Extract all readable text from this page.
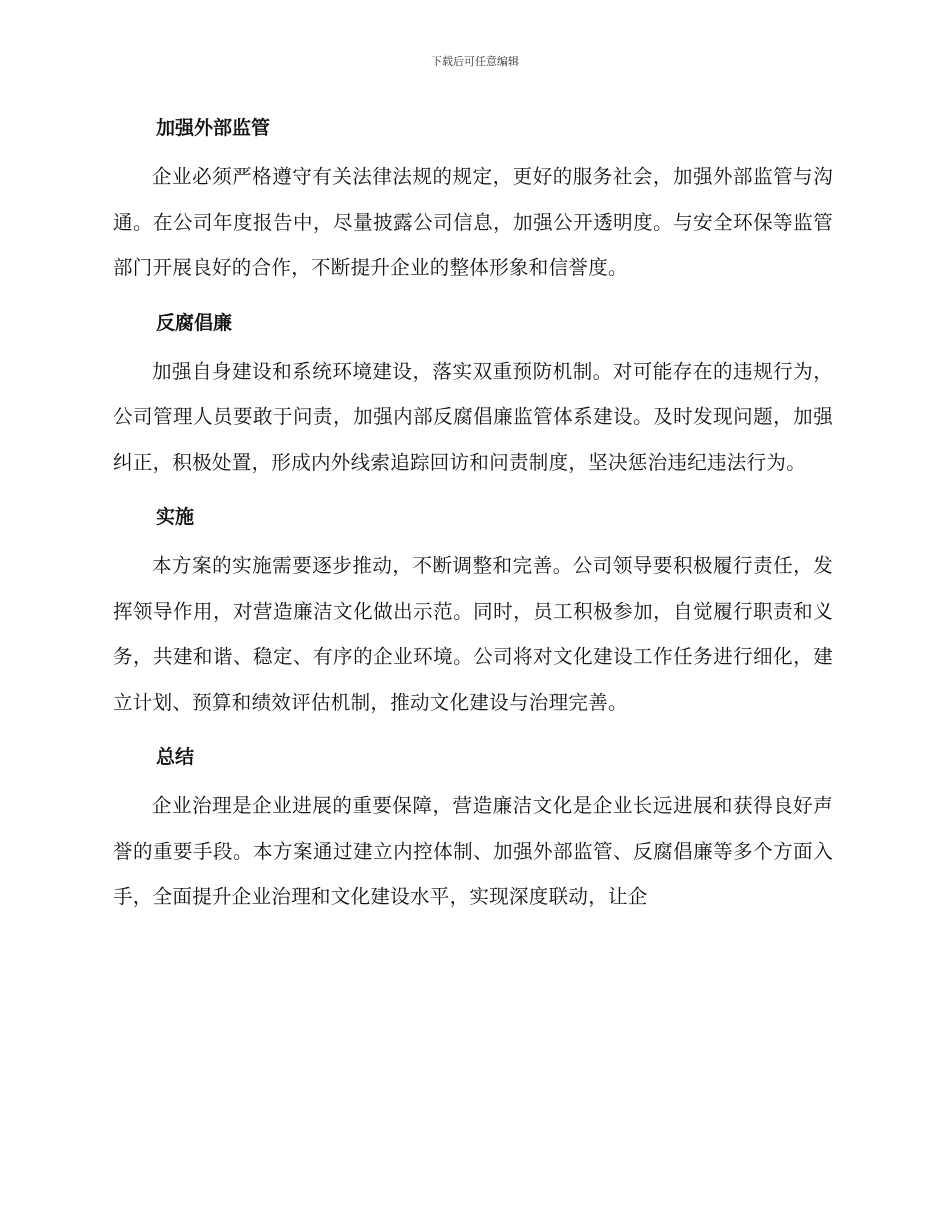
下载后可任意编辑
加强外部监管

企业必须严格遵守有关法律法规的规定，更好的服务社会，加强外部监管与沟通。在公司年度报告中，尽量披露公司信息，加强公开透明度。与安全环保等监管部门开展良好的合作，不断提升企业的整体形象和信誉度。

反腐倡廉

加强自身建设和系统环境建设，落实双重预防机制。对可能存在的违规行为，公司管理人员要敢于问责，加强内部反腐倡廉监管体系建设。及时发现问题，加强纠正，积极处置，形成内外线索追踪回访和问责制度，坚决惩治违纪违法行为。

实施

本方案的实施需要逐步推动，不断调整和完善。公司领导要积极履行责任，发挥领导作用，对营造廉洁文化做出示范。同时，员工积极参加，自觉履行职责和义务，共建和谐、稳定、有序的企业环境。公司将对文化建设工作任务进行细化，建立计划、预算和绩效评估机制，推动文化建设与治理完善。

总结

企业治理是企业进展的重要保障，营造廉洁文化是企业长远进展和获得良好声誉的重要手段。本方案通过建立内控体制、加强外部监管、反腐倡廉等多个方面入手，全面提升企业治理和文化建设水平，实现深度联动，让企
